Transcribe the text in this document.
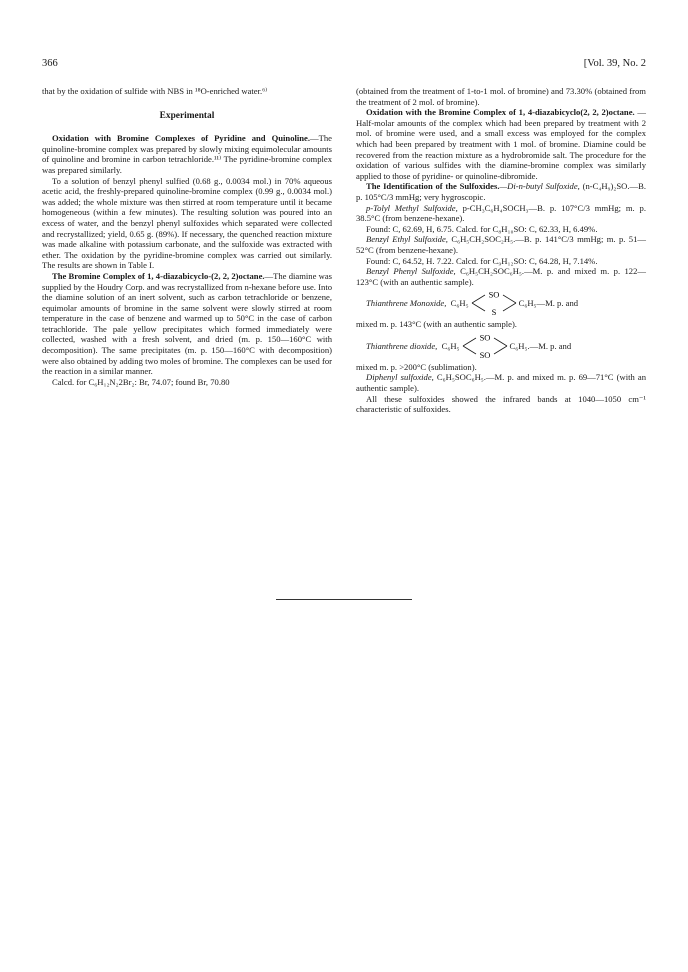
366	[Vol. 39, No. 2

that by the oxidation of sulfide with NBS in ¹⁸O-enriched water.⁶⁾

Experimental

Oxidation with Bromine Complexes of Pyridine and Quinoline.—The quinoline-bromine complex was prepared by slowly mixing equimolecular amounts of quinoline and bromine in carbon tetrachloride.¹¹⁾ The pyridine-bromine complex was prepared similarly.

To a solution of benzyl phenyl sulfied (0.68 g., 0.0034 mol.) in 70% aqueous acetic acid, the freshly-prepared quinoline-bromine complex (0.99 g., 0.0034 mol.) was added; the whole mixture was then stirred at room temperature until it became homogeneous (within a few minutes). The resulting solution was poured into an excess of water, and the benzyl phenyl sulfoxides which separated were collected and recrystallized; yield, 0.65 g. (89%). If necessary, the quenched reaction mixture was made alkaline with potassium carbonate, and the sulfoxide was extracted with ether. The oxidation by the pyridine-bromine complex was carried out similarly. The results are shown in Table I.

The Bromine Complex of 1, 4-diazabicyclo-(2, 2, 2)octane.—The diamine was supplied by the Houdry Corp. and was recrystallized from n-hexane before use. Into the diamine solution of an inert solvent, such as carbon tetrachloride or benzene, equimolar amounts of bromine in the same solvent were slowly stirred at room temperature in the case of benzene and warmed up to 50°C in the case of carbon tetrachloride. The pale yellow precipitates which formed immediately were collected, washed with a fresh solvent, and dried (m. p. 150—160°C with decomposition). The same precipitates (m. p. 150—160°C with decomposition) were also obtained by adding two moles of bromine. The complexes can be used for the reaction in a similar manner.

Calcd. for C₆H₁₂N₂2Br₂: Br, 74.07; found Br, 70.80

(obtained from the treatment of 1-to-1 mol. of bromine) and 73.30% (obtained from the treatment of 2 mol. of bromine).

Oxidation with the Bromine Complex of 1, 4-diazabicyclo(2, 2, 2)octane. — Half-molar amounts of the complex which had been prepared by treatment with 2 mol. of bromine were used, and a small excess was employed for the complex which had been prepared by treatment with 1 mol. of bromine. Diamine could be recovered from the reaction mixture as a hydrobromide salt. The procedure for the oxidation of various sulfides with the diamine-bromine complex was similarly applied to those of pyridine- or quinoline-dibromide.

The Identification of the Sulfoxides.—Di-n-butyl Sulfoxide, (n-C₄H₉)₂SO.—B. p. 105°C/3 mmHg; very hygroscopic.

p-Tolyl Methyl Sulfoxide, p-CH₃C₆H₄SOCH₃—B. p. 107°C/3 mmHg; m. p. 38.5°C (from benzene-hexane).

Found: C, 62.69, H, 6.75. Calcd. for C₈H₁₀SO: C, 62.33, H, 6.49%.

Benzyl Ethyl Sulfoxide, C₆H₅CH₂SOC₂H₅.—B. p. 141°C/3 mmHg; m. p. 51—52°C (from benzene-hexane).

Found: C, 64.52, H. 7.22. Calcd. for C₉H₁₂SO: C, 64.28, H, 7.14%.

Benzyl Phenyl Sulfoxide, C₆H₅CH₂SOC₆H₅.—M. p. and mixed m. p. 122—123°C (with an authentic sample).

Thianthrene Monoxide, C₆H₅
SO
S
C₆H₅—M. p. and

mixed m. p. 143°C (with an authentic sample).

Thianthrene dioxide, C₆H₅
SO
SO
C₆H₅.—M. p. and

mixed m. p. >200°C (sublimation).

Diphenyl sulfoxide, C₆H₅SOC₆H₅.—M. p. and mixed m. p. 69—71°C (with an authentic sample).

All these sulfoxides showed the infrared bands at 1040—1050 cm⁻¹ characteristic of sulfoxides.
